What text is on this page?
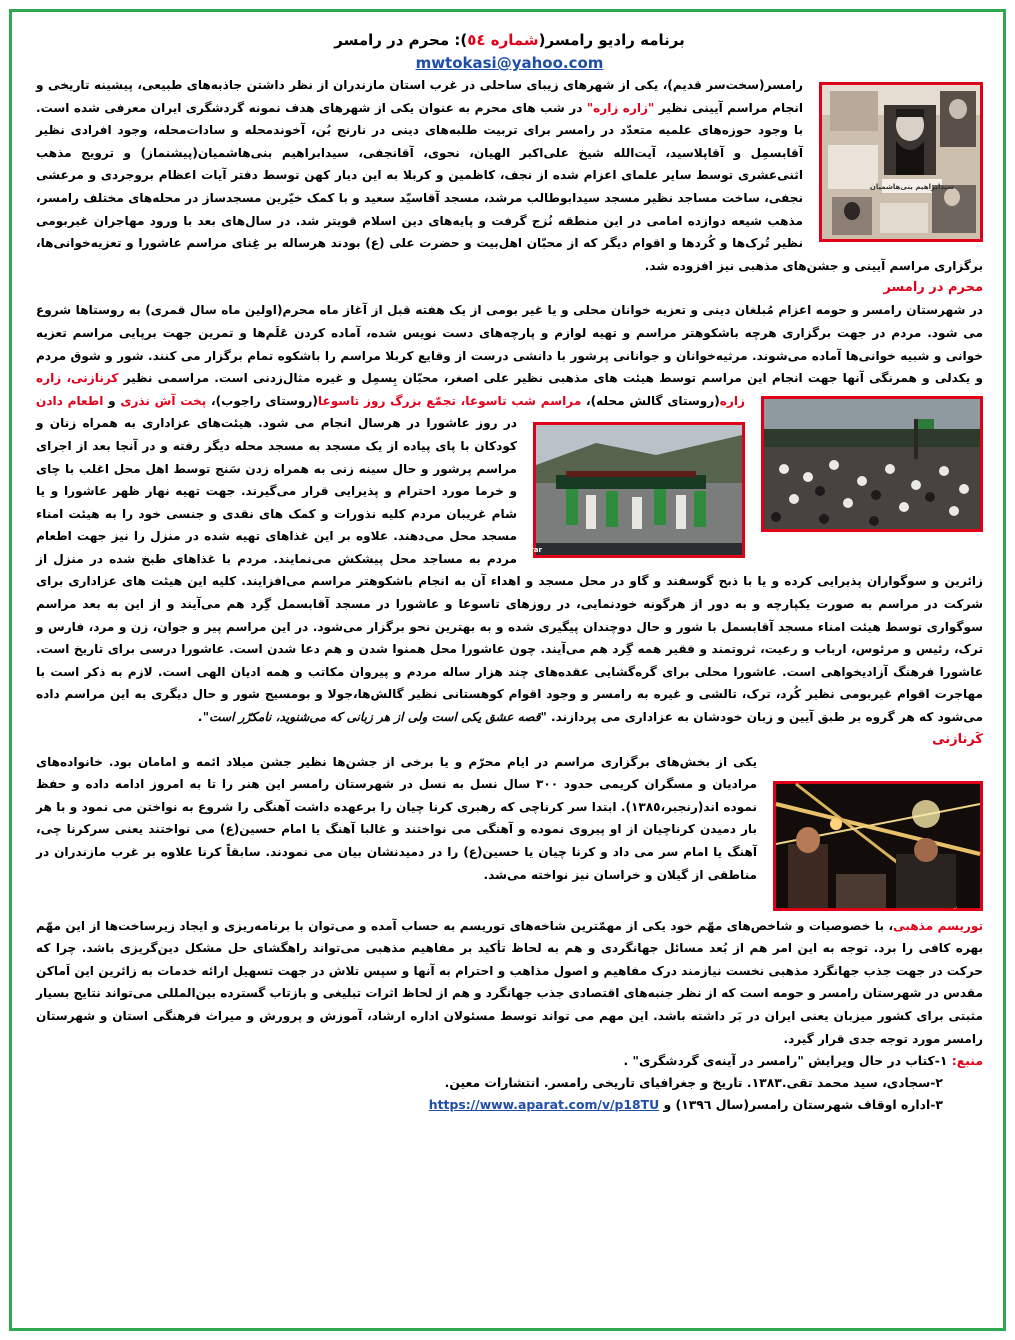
برنامه رادیو رامسر(شماره ٥٤): محرم در رامسر
mwtokasi@yahoo.com
سیدابراهیم بنی‌هاشمیان

رامسر(سخت‌سر قدیم)، یکی از شهرهای زیبای ساحلی در غرب استان مازندران از نظر داشتن جاذبه‌های طبیعی، پیشینه تاریخی و انجام مراسم آیینی نظیر "زاره زاره" در شب های محرم به عنوان یکی از شهرهای هدف نمونه گردشگری ایران معرفی شده است. با وجود حوزه‌های علمیه متعدّد در رامسر برای تربیت طلبه‌های دینی در نارنج بُن، آخوندمحله و سادات‌محله، وجود افرادی نظیر آقابسمِل و آقاپلاسید، آیت‌الله شیخ علی‌اکبر الهیان، نحوی، آقانجفی، سیدابراهیم بنی‌هاشمیان(پیشنماز) و ترویج مذهب اثنی‌عشری توسط سایر علمای اعزام شده از نجف، کاظمین و کربلا به این دیار کهن توسط دفتر آیات اعظام بروجردی و مرعشی نجفی، ساخت مساجد نظیر مسجد سیدابوطالب مرشد، مسجد آقاسیّد سعید و با کمک خیّرین مسجدساز در محله‌های مختلف رامسر، مذهب شیعه دوازده امامی در این منطقه نُزج گرفت و پایه‌های دین اسلام قویتر شد. در سال‌های بعد با ورود مهاجران غیربومی نظیر تُرک‌ها و کُردها و اقوام دیگر که از محبّان اهل‌بیت و حضرت علی (ع) بودند هرساله بر غِنای مراسم عاشورا و تعزیه‌خوانی‌ها، برگزاری مراسم آیینی و جشن‌های مذهبی نیز افزوده شد.

محرم در رامسر

در شهرستان رامسر و حومه اعزام مُبلغان دینی و تعزیه خوانان محلی و یا غیر بومی از یک هفته قبل از آغاز ماه محرم(اولین ماه سال قمری) به روستاها شروع می شود. مردم در جهت برگزاری هرچه باشکوهتر مراسم و تهیه لوازم و پارچه‌های دست نویس شده، آماده کردن عَلَم‌ها و تمرین جهت برپایی مراسم تعزیه خوانی و شبیه خوانی‌ها آماده می‌شوند. مرثیه‌خوانان و جوانانی پرشور با دانشی درست از وقایع کربلا مراسم را باشکوه تمام برگزار می کنند. شور و شوق مردم و یکدلی و همرنگی آنها جهت انجام این مراسم توسط هیئت های مذهبی نظیر علی اصغر، محبّان بِسمِل و غیره مثال‌زدنی است. مراسمی نظیر
کرنازنی، زاره زاره(روستای گالش محله)، مراسم شب تاسوعا، تجمّع بزرگ روز تاسوعا(روستای راجوب)، پخت آش نذری و اطعام دادن
Nimdiporar
در روز عاشورا در هرسال انجام می شود. هیئت‌های عزاداری به همراه زنان و کودکان با پای پیاده از یک مسجد به مسجد محله دیگر رفته و در آنجا بعد از اجرای مراسم پرشور و حال سینه زنی به همراه زدن سَنج توسط اهل محل اغلب با چای و خرما مورد احترام و پذیرایی قرار می‌گیرند. جهت تهیه نهار ظهر عاشورا و یا شام غریبان مردم کلیه نذورات و کمک های نقدی و جنسی خود را به هیئت امناء مسجد محل می‌دهند. علاوه بر این غذاهای تهیه شده در منزل را نیز جهت اطعام مردم به مساجد محل پیشکش می‌نمایند. مردم با غذاهای طبخ شده در منزل از زائرین و سوگواران پذیرایی کرده و یا با ذبح گوسفند و گاو در محل مسجد و اهداء آن به انجام باشکوهتر مراسم می‌افزایند. کلیه این هیئت های عزاداری برای شرکت در مراسم به صورت یکپارچه و به دور از هرگونه خودنمایی، در روزهای تاسوعا و عاشورا در مسجد آقابسمل گِرد هم می‌آیند و از این به بعد مراسم سوگواری توسط هیئت امناء مسجد آقابسمل با شور و حال دوچندان پیگیری شده و به بهترین نحو برگزار می‌شود. در این مراسم پیر و جوان، زن و مرد، فارس و ترک، رئیس و مرئوس، ارباب و رعیت، ثروتمند و فقیر همه گِرد هم می‌آیند. چون عاشورا محل همنوا شدن و هم دعا شدن است. عاشورا درسی برای تاریخ است. عاشورا فرهنگ آزادیخواهی است. عاشورا محلی برای گره‌گشایی عقده‌های چند هزار ساله مردم و پیروان مکاتب و همه ادیان الهی است. لازم به ذکر است با مهاجرت اقوام غیربومی نظیر کُرد، ترک، تالشی و غیره به رامسر و وجود اقوام کوهستانی نظیر گالش‌ها،جولا و بومسیج شور و حال دیگری به این مراسم داده می‌شود که هر گروه بر طبق آیین و زبان خودشان به عزاداری می پردازند. "قصه عشق یکی است ولی از هر زبانی که می‌شنوید، نامکرّر است".

کَرنازنی

یکی از بخش‌های برگزاری مراسم در ایام محرّم و یا برخی از جشن‌ها نظیر جشن میلاد ائمه و امامان بود. خانواده‌های مرادیان و مسگران کریمی حدود ٣٠٠ سال نسل به نسل در شهرستان رامسر این هنر را تا به امروز ادامه داده و حفظ نموده اند(رنجبر،١٣٨٥). ابتدا سر کرناچی که رهبری کرنا چیان را برعهده داشت آهنگی را شروع به نواختن می نمود و با هر بار دمیدن کرناچیان از او پیروی نموده و آهنگی می نواختند و غالبا آهنگ یا امام حسین(ع) می نواختند یعنی سرکرنا چی، آهنگ یا امام سر می داد و کرنا چیان یا حسین(ع) را در دمیدنشان بیان می نمودند. سابقاً کرنا علاوه بر غرب مازندران در مناطقی از گیلان و خراسان نیز نواخته می‌شد.

توریسم مذهبی، با خصوصیات و شاخص‌های مهّم خود یکی از مهمّترین شاخه‌های توریسم به حساب آمده و می‌توان با برنامه‌ریزی و ایجاد زیرساخت‌ها از این مهّم بهره کافی را برد. توجه به این امر هم از بُعد مسائل جهانگردی و هم به لحاظ تأکید بر مفاهیم مذهبی می‌تواند راهگشای حل مشکل دین‌گریزی باشد. چرا که حرکت در جهت جذب جهانگرد مذهبی نخست نیازمند درک مفاهیم و اصول مذاهب و احترام به آنها و سپس تلاش در جهت تسهیل ارائه خدمات به زائرین این اَماکن مقدس در شهرستان رامسر و حومه است که از نظر جنبه‌های اقتصادی جذب جهانگرد و هم از لحاظ اثرات تبلیغی و بازتاب گسترده بین‌المللی می‌تواند نتایج بسیار مثبتی برای کشور میزبان یعنی ایران در بَر داشته باشد. این مهم می تواند توسط مسئولان اداره ارشاد، آموزش و پرورش و میراث فرهنگی استان و شهرستان رامسر مورد توجه جدی قرار گیرد.

منبع: ١-کتاب در حال ویرایش "رامسر در آینه‌ی گردشگری" .
٢-سجادی، سید محمد تقی.١٣٨٣. تاریخ و جغرافیای تاریخی رامسر. انتشارات معین.
٣-اداره اوقاف شهرستان رامسر(سال ١٣٩٦) و https://www.aparat.com/v/p18TU
